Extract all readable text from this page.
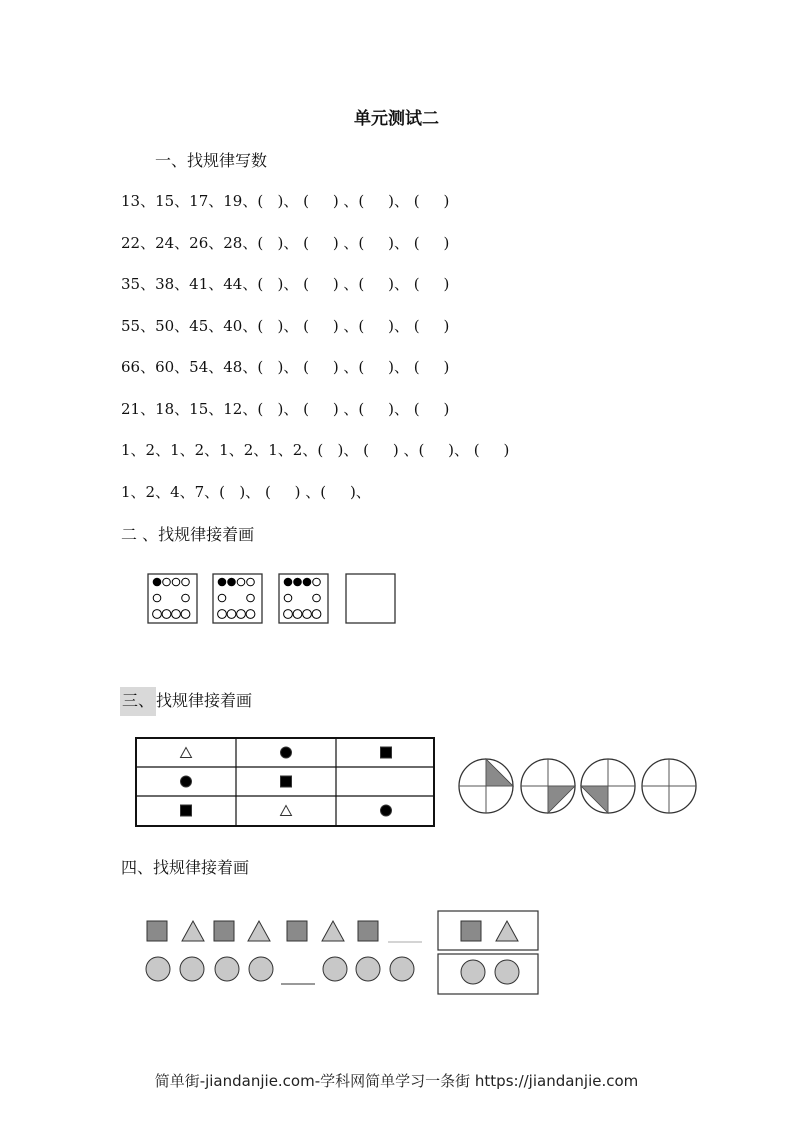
单元测试二
一、找规律写数
13、15、17、19、(   )、 (     ) 、(     )、 (     )
22、24、26、28、(   )、 (     ) 、(     )、 (     )
35、38、41、44、(   )、 (     ) 、(     )、 (     )
55、50、45、40、(   )、 (     ) 、(     )、 (     )
66、60、54、48、(   )、 (     ) 、(     )、 (     )
21、18、15、12、(   )、 (     ) 、(     )、 (     )
1、2、1、2、1、2、1、2、(   )、 (     ) 、(     )、 (     )
1、2、4、7、(   )、 (     ) 、(     )、
二 、找规律接着画
三、 找规律接着画
四、找规律接着画
简单街-jiandanjie.com-学科网简单学习一条街 https://jiandanjie.com
